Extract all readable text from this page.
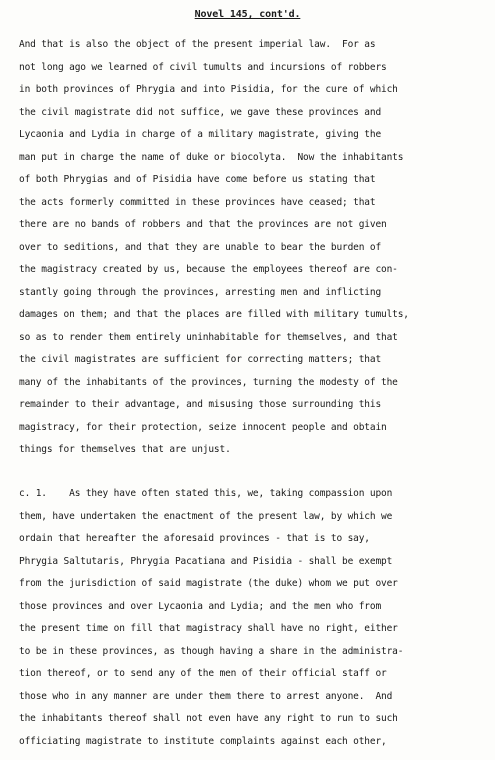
Novel 145, cont'd.
And that is also the object of the present imperial law.  For as
not long ago we learned of civil tumults and incursions of robbers
in both provinces of Phrygia and into Pisidia, for the cure of which
the civil magistrate did not suffice, we gave these provinces and
Lycaonia and Lydia in charge of a military magistrate, giving the
man put in charge the name of duke or biocolyta.  Now the inhabitants
of both Phrygias and of Pisidia have come before us stating that
the acts formerly committed in these provinces have ceased; that
there are no bands of robbers and that the provinces are not given
over to seditions, and that they are unable to bear the burden of
the magistracy created by us, because the employees thereof are con-
stantly going through the provinces, arresting men and inflicting
damages on them; and that the places are filled with military tumults,
so as to render them entirely uninhabitable for themselves, and that
the civil magistrates are sufficient for correcting matters; that
many of the inhabitants of the provinces, turning the modesty of the
remainder to their advantage, and misusing those surrounding this
magistracy, for their protection, seize innocent people and obtain
things for themselves that are unjust.
c. 1.    As they have often stated this, we, taking compassion upon
them, have undertaken the enactment of the present law, by which we
ordain that hereafter the aforesaid provinces - that is to say,
Phrygia Saltutaris, Phrygia Pacatiana and Pisidia - shall be exempt
from the jurisdiction of said magistrate (the duke) whom we put over
those provinces and over Lycaonia and Lydia; and the men who from
the present time on fill that magistracy shall have no right, either
to be in these provinces, as though having a share in the administra-
tion thereof, or to send any of the men of their official staff or
those who in any manner are under them there to arrest anyone.  And
the inhabitants thereof shall not even have any right to run to such
officiating magistrate to institute complaints against each other,
